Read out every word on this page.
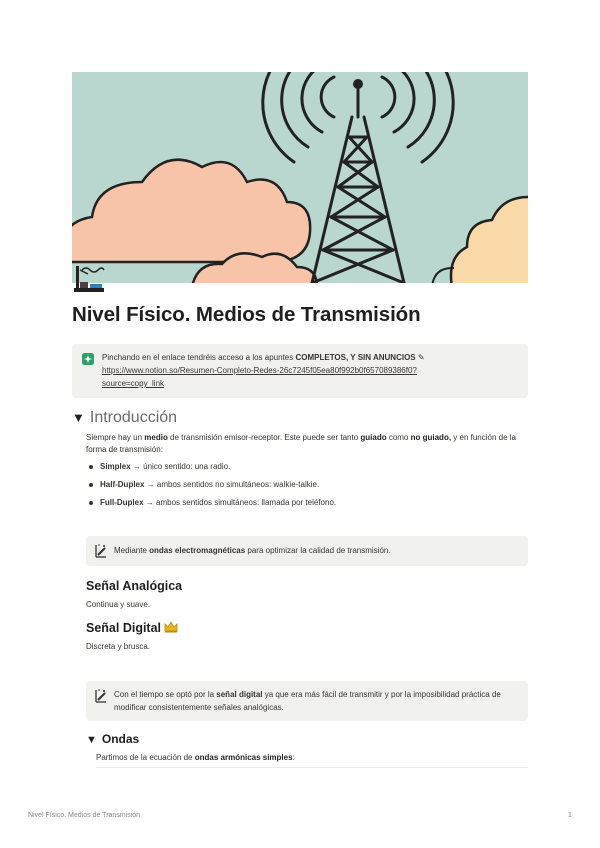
Nivel Físico. Medios de Transmisión
Pinchando en el enlace tendréis acceso a los apuntes COMPLETOS, Y SIN ANUNCIOS ✎
https://www.notion.so/Resumen-Completo-Redes-26c7245f05ea80f992b0f657089386f0?
source=copy_link
▼ Introducción
Siempre hay un medio de transmisión emisor-receptor. Este puede ser tanto guiado como no guiado, y en función de la forma de transmisión:
Simplex → único sentido: una radio.
Half-Duplex → ambos sentidos no simultáneos: walkie-talkie.
Full-Duplex → ambos sentidos simultáneos: llamada por teléfono.
Mediante ondas electromagnéticas para optimizar la calidad de transmisión.
Señal Analógica
Continua y suave.
Señal Digital
Discreta y brusca.
Con el tiempo se optó por la señal digital ya que era más fácil de transmitir y por la imposibilidad práctica de modificar consistentemente señales analógicas.
▼ Ondas
Partimos de la ecuación de ondas armónicas simples:
Nivel Físico. Medios de Transmisión	1
